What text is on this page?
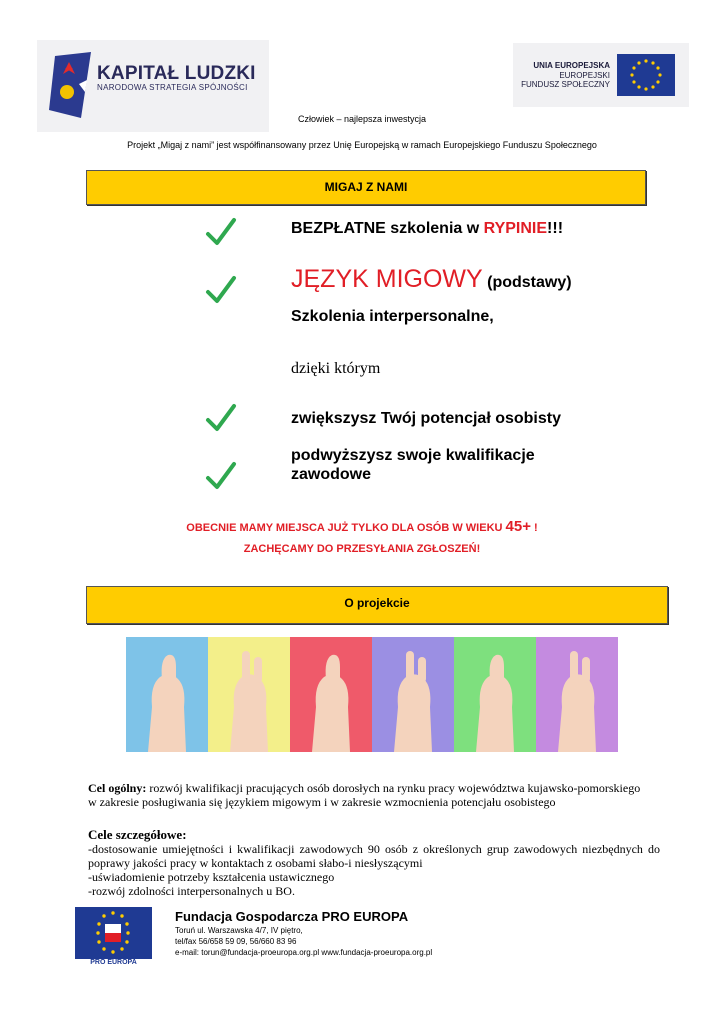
KAPITAŁ LUDZKI
NARODOWA STRATEGIA SPÓJNOŚCI
UNIA EUROPEJSKA
EUROPEJSKI
FUNDUSZ SPOŁECZNY
Człowiek – najlepsza inwestycja
Projekt „Migaj z nami” jest współfinansowany przez Unię Europejską w ramach Europejskiego Funduszu Społecznego
MIGAJ Z NAMI
BEZPŁATNE szkolenia w RYPINIE!!!
JĘZYK MIGOWY (podstawy)
Szkolenia interpersonalne,
dzięki którym
zwiększysz Twój potencjał osobisty
podwyższysz swoje kwalifikacje zawodowe
OBECNIE MAMY MIEJSCA JUŻ TYLKO DLA OSÓB W WIEKU 45+ !
ZACHĘCAMY DO PRZESYŁANIA ZGŁOSZEŃ!
O projekcie
Cel ogólny: rozwój kwalifikacji pracujących osób dorosłych na rynku pracy województwa kujawsko-pomorskiego w zakresie posługiwania się językiem migowym i w zakresie wzmocnienia potencjału osobistego
Cele szczegółowe:
-dostosowanie umiejętności i kwalifikacji zawodowych 90 osób z określonych grup zawodowych niezbędnych do poprawy jakości pracy w kontaktach z osobami słabo-i niesłyszącymi
-uświadomienie potrzeby kształcenia ustawicznego
-rozwój zdolności interpersonalnych u BO.
PRO EUROPA
Fundacja Gospodarcza PRO EUROPA
Toruń ul. Warszawska 4/7, IV piętro,
tel/fax 56/658 59 09, 56/660 83 96
e-mail: torun@fundacja-proeuropa.org.pl www.fundacja-proeuropa.org.pl
